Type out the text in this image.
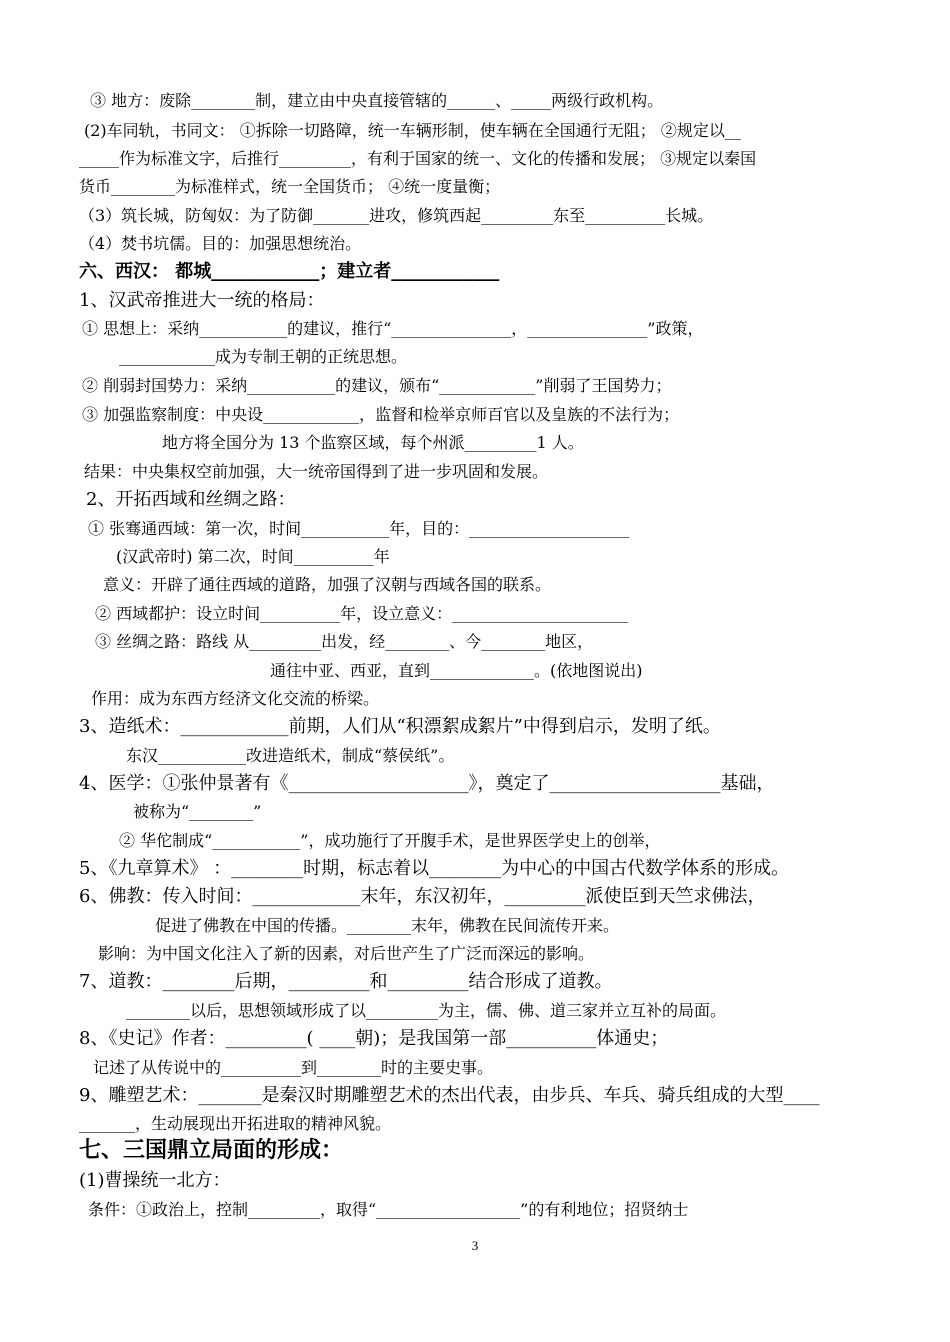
③ 地方：废除________制，建立由中央直接管辖的______、_____两级行政机构。
(2)车同轨，书同文： ①拆除一切路障，统一车辆形制，使车辆在全国通行无阻； ②规定以__
_____作为标准文字，后推行_________，有利于国家的统一、文化的传播和发展； ③规定以秦国
货币________为标准样式，统一全国货币； ④统一度量衡；
（3）筑长城，防匈奴：为了防御_______进攻，修筑西起_________东至__________长城。
（4）焚书坑儒。目的：加强思想统治。
六、西汉： 都城____________；建立者____________
1、汉武帝推进大一统的格局：
① 思想上：采纳___________的建议，推行“_______________，_______________”政策，
____________成为专制王朝的正统思想。
② 削弱封国势力：采纳___________的建议，颁布“____________”削弱了王国势力；
③ 加强监察制度：中央设____________，监督和检举京师百官以及皇族的不法行为；
地方将全国分为 13 个监察区域，每个州派_________1 人。
结果：中央集权空前加强，大一统帝国得到了进一步巩固和发展。
2、开拓西域和丝绸之路：
① 张骞通西域：第一次，时间___________年，目的：____________________
(汉武帝时) 第二次，时间__________年
意义：开辟了通往西域的道路，加强了汉朝与西域各国的联系。
② 西域都护：设立时间__________年，设立意义：______________________
③ 丝绸之路：路线 从_________出发，经________、今________地区，
通往中亚、西亚，直到_____________。(依地图说出)
作用：成为东西方经济文化交流的桥梁。
3、造纸术：____________前期，人们从“积漂絮成絮片”中得到启示，发明了纸。
东汉___________改进造纸术，制成“蔡侯纸”。
4、医学：①张仲景著有《____________________》，奠定了___________________基础，
被称为“________”
② 华佗制成“___________”，成功施行了开腹手术，是世界医学史上的创举，
5、《九章算术》 ：________时期，标志着以________为中心的中国古代数学体系的形成。
6、佛教：传入时间：____________末年，东汉初年，_________派使臣到天竺求佛法，
促进了佛教在中国的传播。________末年，佛教在民间流传开来。
影响：为中国文化注入了新的因素，对后世产生了广泛而深远的影响。
7、道教：________后期，_________和_________结合形成了道教。
________以后，思想领域形成了以_________为主，儒、佛、道三家并立互补的局面。
8、《史记》作者：_________( ____朝)；是我国第一部__________体通史；
记述了从传说中的__________到________时的主要史事。
9、雕塑艺术：_______是秦汉时期雕塑艺术的杰出代表，由步兵、车兵、骑兵组成的大型____
_______，生动展现出开拓进取的精神风貌。
七、三国鼎立局面的形成：
(1)曹操统一北方：
条件：①政治上，控制_________，取得“__________________”的有利地位；招贤纳士
3
